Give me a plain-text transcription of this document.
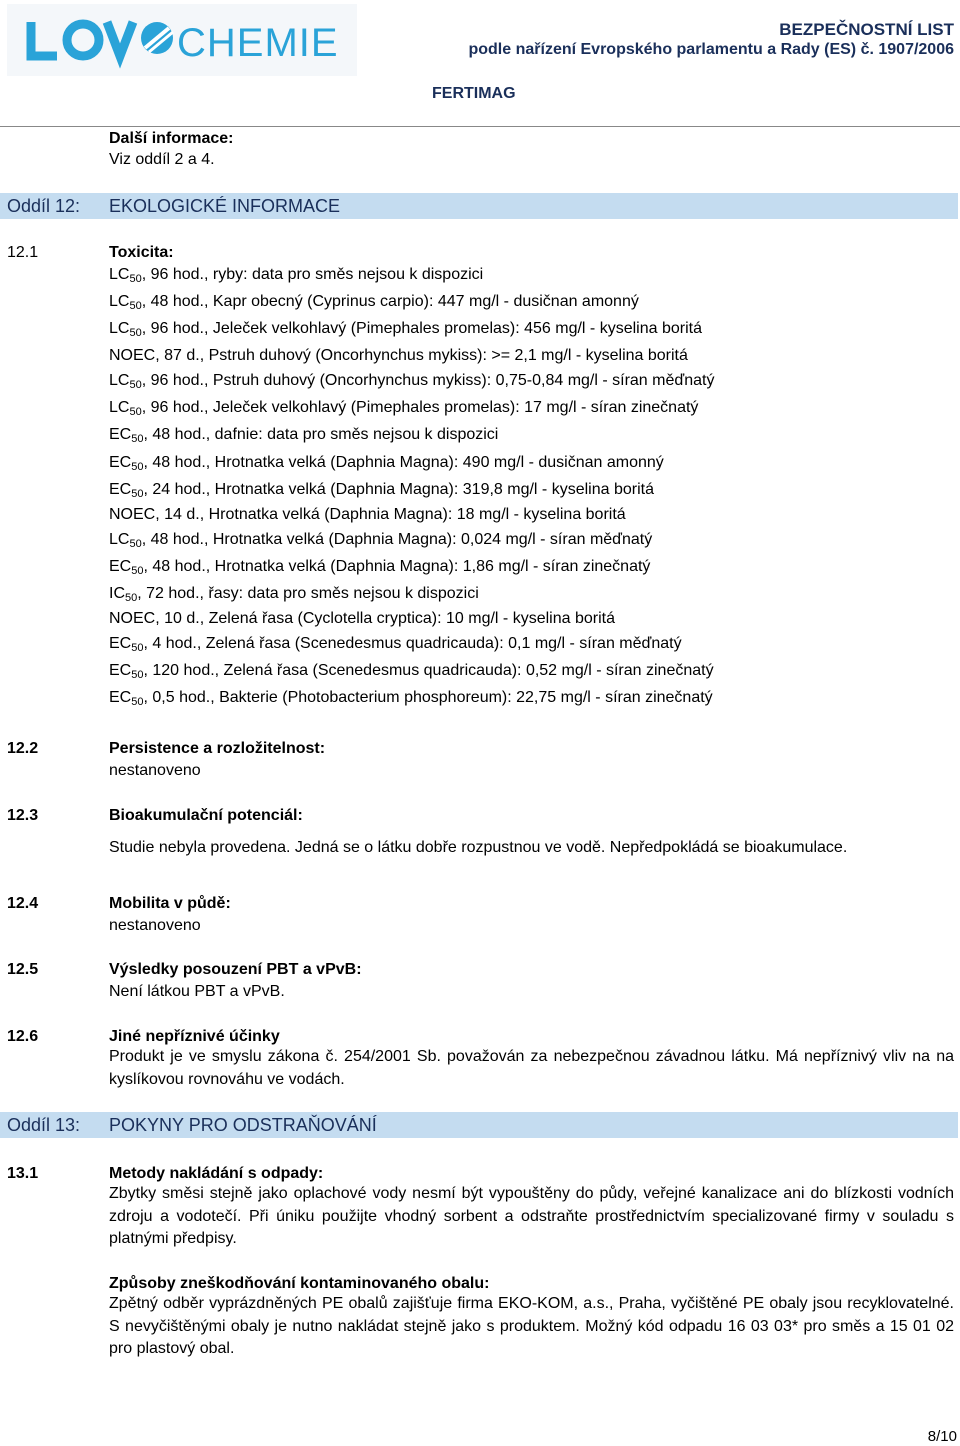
CHEMIE	BEZPEČNOSTNÍ LIST
podle nařízení Evropského parlamentu a Rady (ES) č. 1907/2006
FERTIMAG
Další informace:
Viz oddíl 2 a 4.
Oddíl 12: EKOLOGICKÉ INFORMACE
12.1	Toxicita:
LC50, 96 hod., ryby: data pro směs nejsou k dispozici
LC50, 48 hod., Kapr obecný (Cyprinus carpio): 447 mg/l - dusičnan amonný
LC50, 96 hod., Jeleček velkohlavý (Pimephales promelas): 456 mg/l - kyselina boritá
NOEC, 87 d., Pstruh duhový (Oncorhynchus mykiss): >= 2,1 mg/l - kyselina boritá
LC50, 96 hod., Pstruh duhový (Oncorhynchus mykiss): 0,75-0,84 mg/l - síran měďnatý
LC50, 96 hod., Jeleček velkohlavý (Pimephales promelas): 17 mg/l - síran zinečnatý
EC50, 48 hod., dafnie: data pro směs nejsou k dispozici
EC50, 48 hod., Hrotnatka velká (Daphnia Magna): 490 mg/l - dusičnan amonný
EC50, 24 hod., Hrotnatka velká (Daphnia Magna): 319,8 mg/l - kyselina boritá
NOEC, 14 d., Hrotnatka velká (Daphnia Magna): 18 mg/l - kyselina boritá
LC50, 48 hod., Hrotnatka velká (Daphnia Magna): 0,024 mg/l - síran měďnatý
EC50, 48 hod., Hrotnatka velká (Daphnia Magna): 1,86 mg/l - síran zinečnatý
IC50, 72 hod., řasy: data pro směs nejsou k dispozici
NOEC, 10 d., Zelená řasa (Cyclotella cryptica): 10 mg/l - kyselina boritá
EC50, 4 hod., Zelená řasa (Scenedesmus quadricauda): 0,1 mg/l - síran měďnatý
EC50, 120 hod., Zelená řasa (Scenedesmus quadricauda): 0,52 mg/l - síran zinečnatý
EC50, 0,5 hod., Bakterie (Photobacterium phosphoreum): 22,75 mg/l - síran zinečnatý
12.2	Persistence a rozložitelnost:
nestanoveno
12.3	Bioakumulační potenciál:
Studie nebyla provedena. Jedná se o látku dobře rozpustnou ve vodě. Nepředpokládá se bioakumulace.
12.4	Mobilita v půdě:
nestanoveno
12.5	Výsledky posouzení PBT a vPvB:
Není látkou PBT a vPvB.
12.6	Jiné nepříznivé účinky
Produkt je ve smyslu zákona č. 254/2001 Sb. považován za nebezpečnou závadnou látku. Má nepříznivý vliv na na kyslíkovou rovnováhu ve vodách.
Oddíl 13: POKYNY PRO ODSTRAŇOVÁNÍ
13.1	Metody nakládání s odpady:
Zbytky směsi stejně jako oplachové vody nesmí být vypouštěny do půdy, veřejné kanalizace ani do blízkosti vodních zdroju a vodotečí. Při úniku použijte vhodný sorbent a odstraňte prostřednictvím specializované firmy v souladu s platnými předpisy.
Způsoby zneškodňování kontaminovaného obalu:
Zpětný odběr vyprázdněných PE obalů zajišťuje firma EKO-KOM, a.s., Praha, vyčištěné PE obaly jsou recyklovatelné. S nevyčištěnými obaly je nutno nakládat stejně jako s produktem. Možný kód odpadu 16 03 03* pro směs a 15 01 02 pro plastový obal.
8/10
